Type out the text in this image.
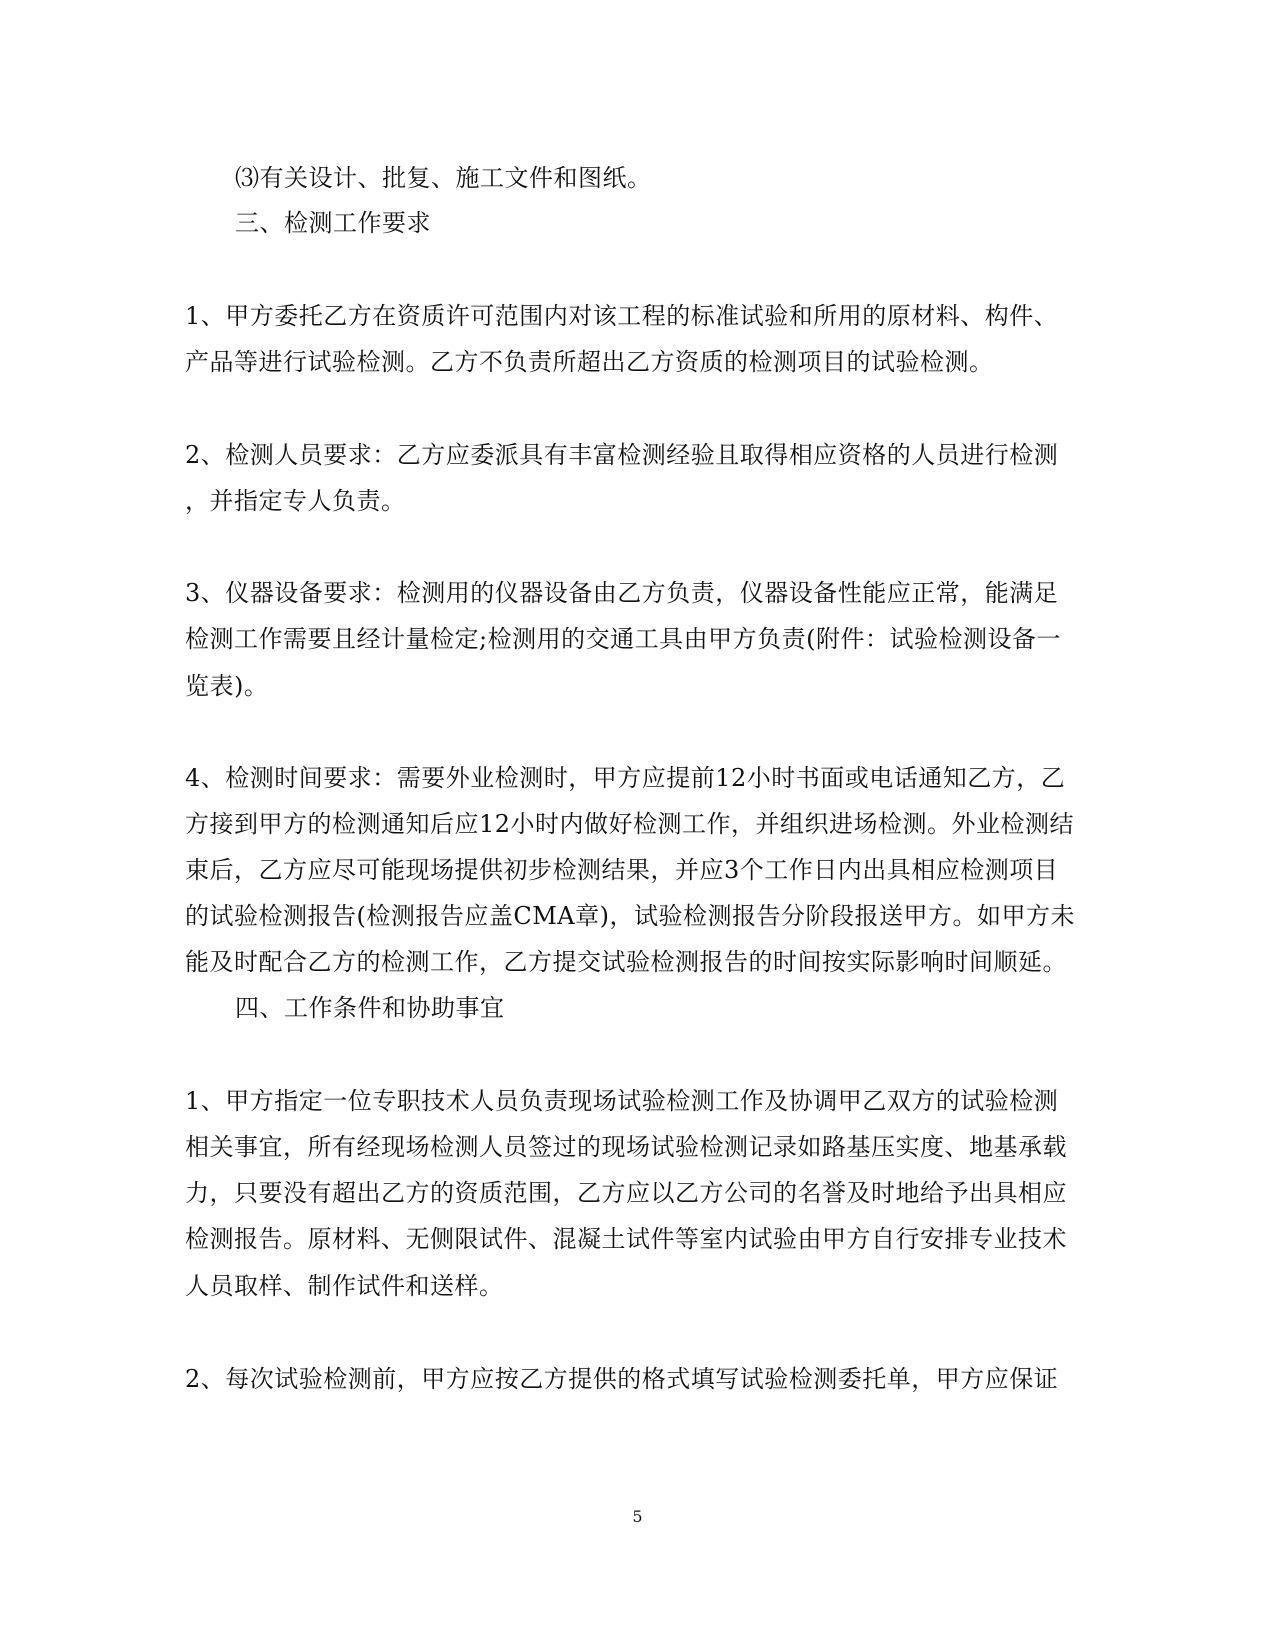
⑶有关设计、批复、施工文件和图纸。
三、检测工作要求
1、甲方委托乙方在资质许可范围内对该工程的标准试验和所用的原材料、构件、
产品等进行试验检测。乙方不负责所超出乙方资质的检测项目的试验检测。
2、检测人员要求：乙方应委派具有丰富检测经验且取得相应资格的人员进行检测
，并指定专人负责。
3、仪器设备要求：检测用的仪器设备由乙方负责，仪器设备性能应正常，能满足
检测工作需要且经计量检定;检测用的交通工具由甲方负责(附件：试验检测设备一
览表)。
4、检测时间要求：需要外业检测时，甲方应提前12小时书面或电话通知乙方，乙
方接到甲方的检测通知后应12小时内做好检测工作，并组织进场检测。外业检测结
束后，乙方应尽可能现场提供初步检测结果，并应3个工作日内出具相应检测项目
的试验检测报告(检测报告应盖CMA章)，试验检测报告分阶段报送甲方。如甲方未
能及时配合乙方的检测工作，乙方提交试验检测报告的时间按实际影响时间顺延。
四、工作条件和协助事宜
1、甲方指定一位专职技术人员负责现场试验检测工作及协调甲乙双方的试验检测
相关事宜，所有经现场检测人员签过的现场试验检测记录如路基压实度、地基承载
力，只要没有超出乙方的资质范围，乙方应以乙方公司的名誉及时地给予出具相应
检测报告。原材料、无侧限试件、混凝土试件等室内试验由甲方自行安排专业技术
人员取样、制作试件和送样。
2、每次试验检测前，甲方应按乙方提供的格式填写试验检测委托单，甲方应保证
5
